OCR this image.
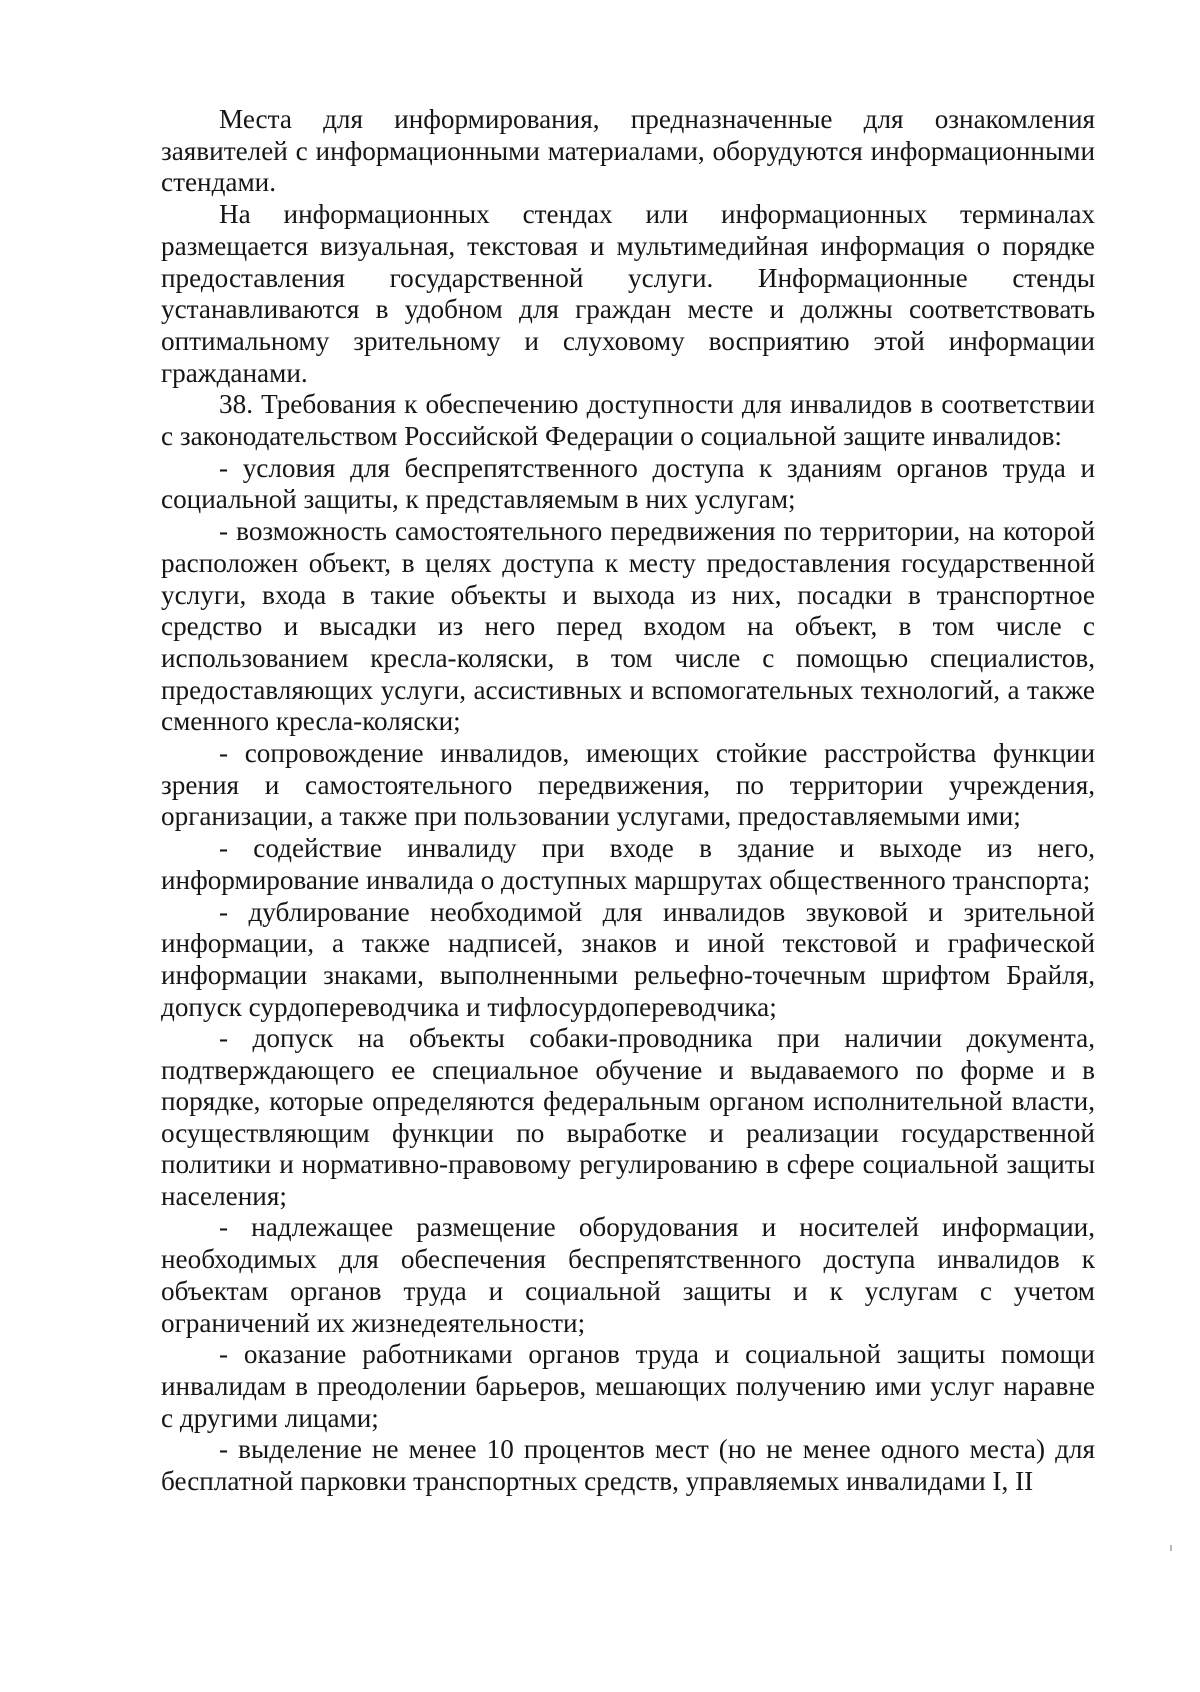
Места для информирования, предназначенные для ознакомления заявителей с информационными материалами, оборудуются информационными стендами.

На информационных стендах или информационных терминалах размещается визуальная, текстовая и мультимедийная информация о порядке предоставления государственной услуги. Информационные стенды устанавливаются в удобном для граждан месте и должны соответствовать оптимальному зрительному и слуховому восприятию этой информации гражданами.

38. Требования к обеспечению доступности для инвалидов в соответствии с законодательством Российской Федерации о социальной защите инвалидов:

- условия для беспрепятственного доступа к зданиям органов труда и социальной защиты, к представляемым в них услугам;

- возможность самостоятельного передвижения по территории, на которой расположен объект, в целях доступа к месту предоставления государственной услуги, входа в такие объекты и выхода из них, посадки в транспортное средство и высадки из него перед входом на объект, в том числе с использованием кресла-коляски, в том числе с помощью специалистов, предоставляющих услуги, ассистивных и вспомогательных технологий, а также сменного кресла-коляски;

- сопровождение инвалидов, имеющих стойкие расстройства функции зрения и самостоятельного передвижения, по территории учреждения, организации, а также при пользовании услугами, предоставляемыми ими;

- содействие инвалиду при входе в здание и выходе из него, информирование инвалида о доступных маршрутах общественного транспорта;

- дублирование необходимой для инвалидов звуковой и зрительной информации, а также надписей, знаков и иной текстовой и графической информации знаками, выполненными рельефно-точечным шрифтом Брайля, допуск сурдопереводчика и тифлосурдопереводчика;

- допуск на объекты собаки-проводника при наличии документа, подтверждающего ее специальное обучение и выдаваемого по форме и в порядке, которые определяются федеральным органом исполнительной власти, осуществляющим функции по выработке и реализации государственной политики и нормативно-правовому регулированию в сфере социальной защиты населения;

- надлежащее размещение оборудования и носителей информации, необходимых для обеспечения беспрепятственного доступа инвалидов к объектам органов труда и социальной защиты и к услугам с учетом ограничений их жизнедеятельности;

- оказание работниками органов труда и социальной защиты помощи инвалидам в преодолении барьеров, мешающих получению ими услуг наравне с другими лицами;

- выделение не менее 10 процентов мест (но не менее одного места) для бесплатной парковки транспортных средств, управляемых инвалидами I, II
